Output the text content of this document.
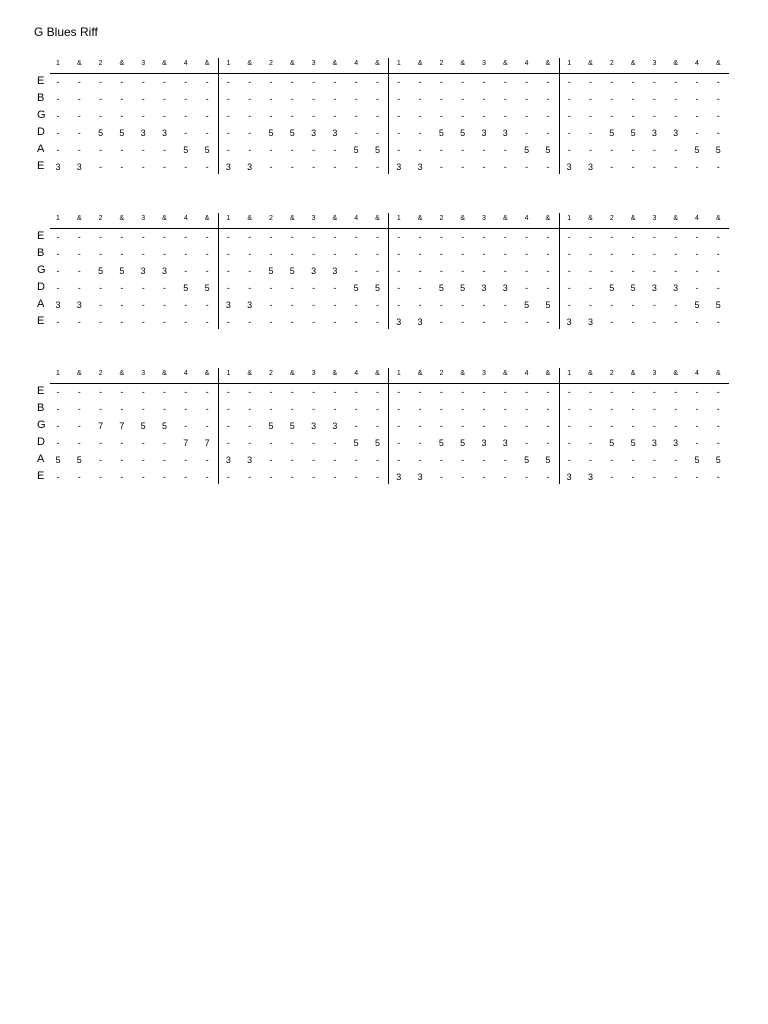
G Blues Riff
1	&	2	&	3	&	4	&	1	&	2	&	3	&	4	&	1	&	2	&	3	&	4	&	1	&	2	&	3	&	4	&
E	-	-	-	-	-	-	-	-	-	-	-	-	-	-	-	-	-	-	-	-	-	-	-	-	-	-	-	-	-	-	-	-
B	-	-	-	-	-	-	-	-	-	-	-	-	-	-	-	-	-	-	-	-	-	-	-	-	-	-	-	-	-	-	-	-
G	-	-	-	-	-	-	-	-	-	-	-	-	-	-	-	-	-	-	-	-	-	-	-	-	-	-	-	-	-	-	-	-
D	-	-	5	5	3	3	-	-	-	-	5	5	3	3	-	-	-	-	5	5	3	3	-	-	-	-	5	5	3	3	-	-
A	-	-	-	-	-	-	5	5	-	-	-	-	-	-	5	5	-	-	-	-	-	-	5	5	-	-	-	-	-	-	5	5
E	3	3	-	-	-	-	-	-	3	3	-	-	-	-	-	-	3	3	-	-	-	-	-	-	3	3	-	-	-	-	-	-
1	&	2	&	3	&	4	&	1	&	2	&	3	&	4	&	1	&	2	&	3	&	4	&	1	&	2	&	3	&	4	&
E	-	-	-	-	-	-	-	-	-	-	-	-	-	-	-	-	-	-	-	-	-	-	-	-	-	-	-	-	-	-	-	-
B	-	-	-	-	-	-	-	-	-	-	-	-	-	-	-	-	-	-	-	-	-	-	-	-	-	-	-	-	-	-	-	-
G	-	-	5	5	3	3	-	-	-	-	5	5	3	3	-	-	-	-	-	-	-	-	-	-	-	-	-	-	-	-	-	-
D	-	-	-	-	-	-	5	5	-	-	-	-	-	-	5	5	-	-	5	5	3	3	-	-	-	-	5	5	3	3	-	-
A	3	3	-	-	-	-	-	-	3	3	-	-	-	-	-	-	-	-	-	-	-	-	5	5	-	-	-	-	-	-	5	5
E	-	-	-	-	-	-	-	-	-	-	-	-	-	-	-	-	3	3	-	-	-	-	-	-	3	3	-	-	-	-	-	-
1	&	2	&	3	&	4	&	1	&	2	&	3	&	4	&	1	&	2	&	3	&	4	&	1	&	2	&	3	&	4	&
E	-	-	-	-	-	-	-	-	-	-	-	-	-	-	-	-	-	-	-	-	-	-	-	-	-	-	-	-	-	-	-	-
B	-	-	-	-	-	-	-	-	-	-	-	-	-	-	-	-	-	-	-	-	-	-	-	-	-	-	-	-	-	-	-	-
G	-	-	7	7	5	5	-	-	-	-	5	5	3	3	-	-	-	-	-	-	-	-	-	-	-	-	-	-	-	-	-	-
D	-	-	-	-	-	-	7	7	-	-	-	-	-	-	5	5	-	-	5	5	3	3	-	-	-	-	5	5	3	3	-	-
A	5	5	-	-	-	-	-	-	3	3	-	-	-	-	-	-	-	-	-	-	-	-	5	5	-	-	-	-	-	-	5	5
E	-	-	-	-	-	-	-	-	-	-	-	-	-	-	-	-	3	3	-	-	-	-	-	-	3	3	-	-	-	-	-	-
